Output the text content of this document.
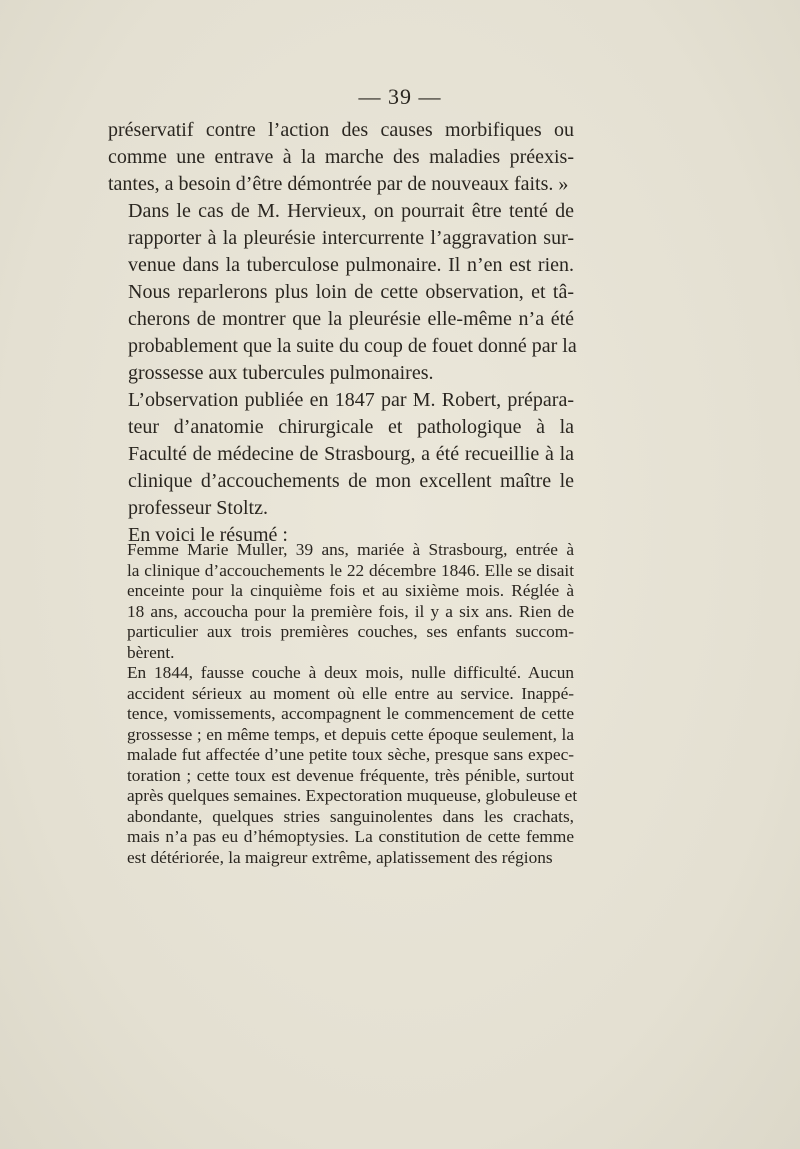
— 39 —

préservatif contre l’action des causes morbifiques ou
comme une entrave à la marche des maladies préexis-
tantes, a besoin d’être démontrée par de nouveaux faits. »

Dans le cas de M. Hervieux, on pourrait être tenté de
rapporter à la pleurésie intercurrente l’aggravation sur-
venue dans la tuberculose pulmonaire. Il n’en est rien.
Nous reparlerons plus loin de cette observation, et tâ-
cherons de montrer que la pleurésie elle-même n’a été
probablement que la suite du coup de fouet donné par la
grossesse aux tubercules pulmonaires.

L’observation publiée en 1847 par M. Robert, prépara-
teur d’anatomie chirurgicale et pathologique à la
Faculté de médecine de Strasbourg, a été recueillie à la
clinique d’accouchements de mon excellent maître le
professeur Stoltz.

En voici le résumé :

Femme Marie Muller, 39 ans, mariée à Strasbourg, entrée à
la clinique d’accouchements le 22 décembre 1846. Elle se disait
enceinte pour la cinquième fois et au sixième mois. Réglée à
18 ans, accoucha pour la première fois, il y a six ans. Rien de
particulier aux trois premières couches, ses enfants succom-
bèrent.

En 1844, fausse couche à deux mois, nulle difficulté. Aucun
accident sérieux au moment où elle entre au service. Inappé-
tence, vomissements, accompagnent le commencement de cette
grossesse ; en même temps, et depuis cette époque seulement, la
malade fut affectée d’une petite toux sèche, presque sans expec-
toration ; cette toux est devenue fréquente, très pénible, surtout
après quelques semaines. Expectoration muqueuse, globuleuse et
abondante, quelques stries sanguinolentes dans les crachats,
mais n’a pas eu d’hémoptysies. La constitution de cette femme
est détériorée, la maigreur extrême, aplatissement des régions
